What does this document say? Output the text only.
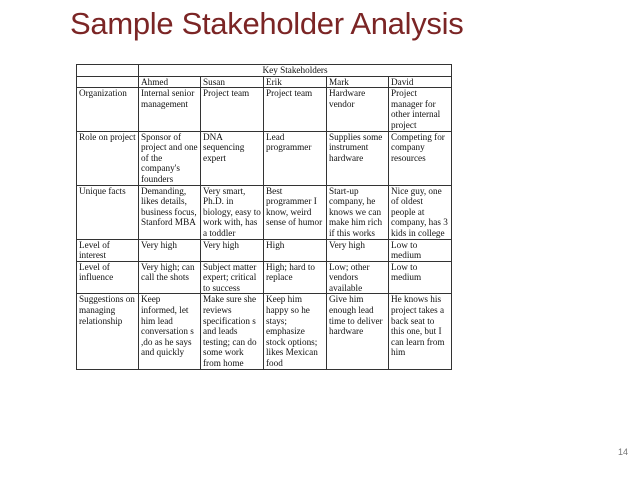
Sample Stakeholder Analysis
	Key Stakeholders				
	Ahmed	Susan	Erik	Mark	David
Organization	Internal senior management	Project team	Project team	Hardware vendor	Project manager for other internal project
Role on project	Sponsor of project and one of the company's founders	DNA sequencing expert	Lead programmer	Supplies some instrument hardware	Competing for company resources
Unique facts	Demanding, likes details, business focus, Stanford MBA	Very smart, Ph.D. in biology, easy to work with, has a toddler	Best programmer I know, weird sense of humor	Start-up company, he knows we can make him rich if this works	Nice guy, one of oldest people at company, has 3 kids in college
Level of interest	Very high	Very high	High	Very high	Low to medium
Level of influence	Very high; can call the shots	Subject matter expert; critical to success	High; hard to replace	Low; other vendors available	Low to medium
Suggestions on managing relationship	Keep informed, let him lead conversation s ,do as he says and quickly	Make sure she reviews specification s and leads testing; can do some work from home	Keep him happy so he stays; emphasize stock options; likes Mexican food	Give him enough lead time to deliver hardware	He knows his project takes a back seat to this one, but I can learn from him
14
